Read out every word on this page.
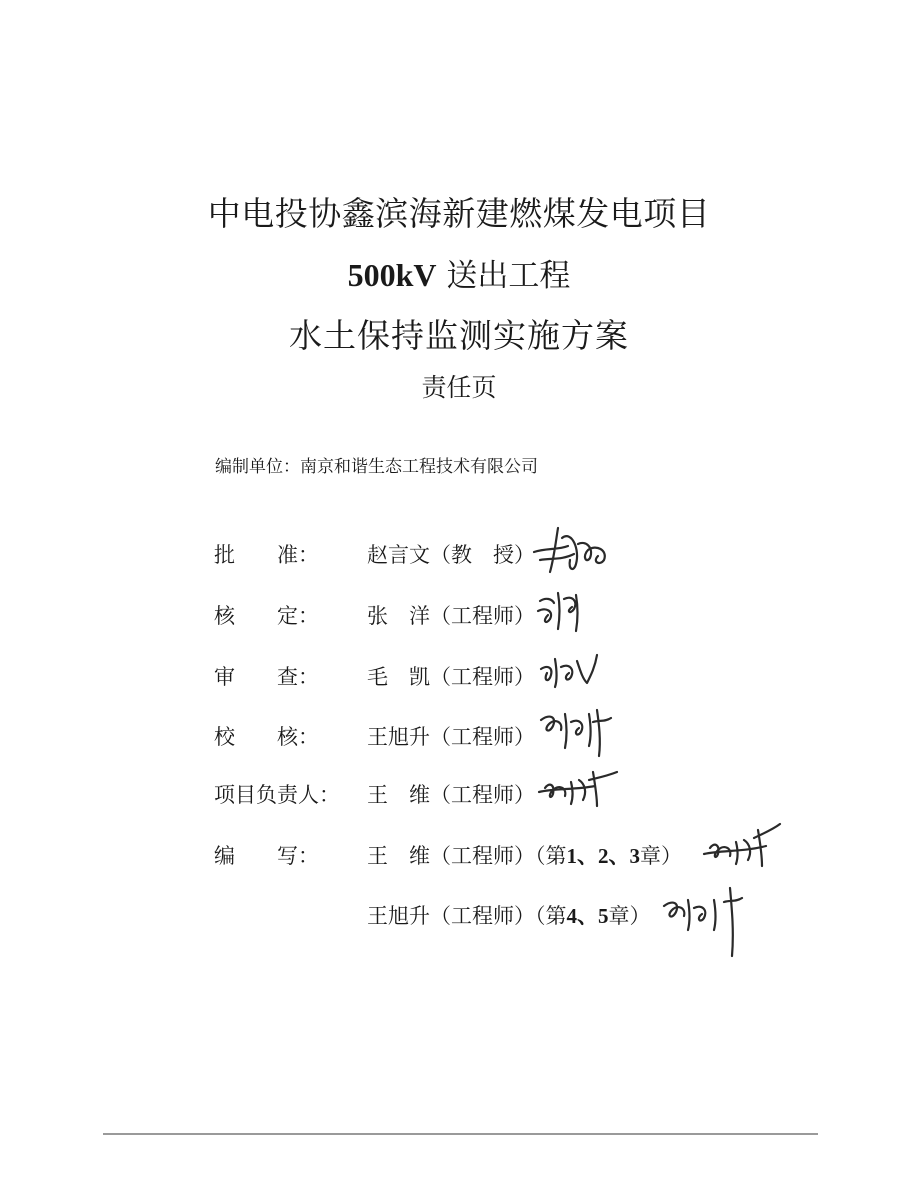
中电投协鑫滨海新建燃煤发电项目
500kV 送出工程
水土保持监测实施方案
责任页
编制单位：南京和谐生态工程技术有限公司
批　　准： 赵言文（教　授）
核　　定： 张　洋（工程师）
审　　查： 毛　凯（工程师）
校　　核： 王旭升（工程师）
项目负责人： 王　维（工程师）
编　　写： 王　维（工程师）（第1、2、3章）
王旭升（工程师）（第4、5章）
